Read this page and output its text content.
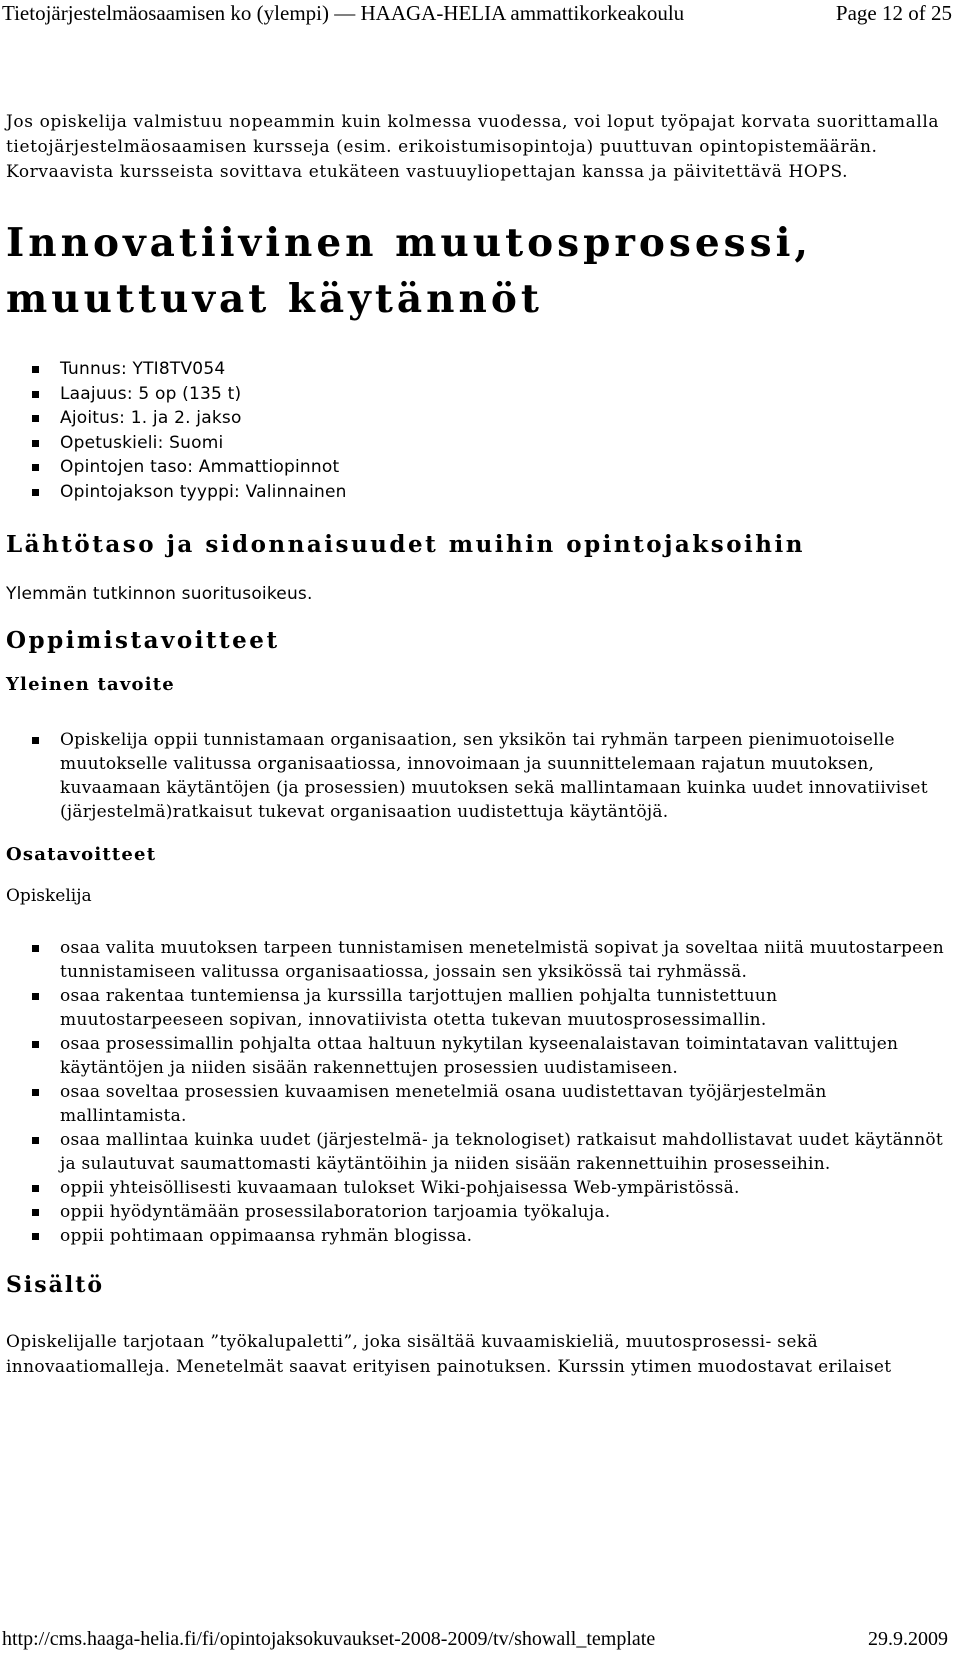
Tietojärjestelmäosaamisen ko (ylempi) — HAAGA-HELIA ammattikorkeakoulu	Page 12 of 25

Jos opiskelija valmistuu nopeammin kuin kolmessa vuodessa, voi loput työpajat korvata suorittamalla tietojärjestelmäosaamisen kursseja (esim. erikoistumisopintoja) puuttuvan opintopistemäärän. Korvaavista kursseista sovittava etukäteen vastuuyliopettajan kanssa ja päivitettävä HOPS.

Innovatiivinen muutosprosessi, muuttuvat käytännöt
Tunnus: YTI8TV054
Laajuus: 5 op (135 t)
Ajoitus: 1. ja 2. jakso
Opetuskieli: Suomi
Opintojen taso: Ammattiopinnot
Opintojakson tyyppi: Valinnainen
Lähtötaso ja sidonnaisuudet muihin opintojaksoihin

Ylemmän tutkinnon suoritusoikeus.

Oppimistavoitteet
Yleinen tavoite
Opiskelija oppii tunnistamaan organisaation, sen yksikön tai ryhmän tarpeen pienimuotoiselle muutokselle valitussa organisaatiossa, innovoimaan ja suunnittelemaan rajatun muutoksen, kuvaamaan käytäntöjen (ja prosessien) muutoksen sekä mallintamaan kuinka uudet innovatiiviset (järjestelmä)ratkaisut tukevat organisaation uudistettuja käytäntöjä.
Osatavoitteet

Opiskelija

osaa valita muutoksen tarpeen tunnistamisen menetelmistä sopivat ja soveltaa niitä muutostarpeen tunnistamiseen valitussa organisaatiossa, jossain sen yksikössä tai ryhmässä.
osaa rakentaa tuntemiensa ja kurssilla tarjottujen mallien pohjalta tunnistettuun muutostarpeeseen sopivan, innovatiivista otetta tukevan muutosprosessimallin.
osaa prosessimallin pohjalta ottaa haltuun nykytilan kyseenalaistavan toimintatavan valittujen käytäntöjen ja niiden sisään rakennettujen prosessien uudistamiseen.
osaa soveltaa prosessien kuvaamisen menetelmiä osana uudistettavan työjärjestelmän mallintamista.
osaa mallintaa kuinka uudet (järjestelmä- ja teknologiset) ratkaisut mahdollistavat uudet käytännöt ja sulautuvat saumattomasti käytäntöihin ja niiden sisään rakennettuihin prosesseihin.
oppii yhteisöllisesti kuvaamaan tulokset Wiki-pohjaisessa Web-ympäristössä.
oppii hyödyntämään prosessilaboratorion tarjoamia työkaluja.
oppii pohtimaan oppimaansa ryhmän blogissa.
Sisältö

Opiskelijalle tarjotaan ”työkalupaletti”, joka sisältää kuvaamiskieliä, muutosprosessi- sekä innovaatiomalleja. Menetelmät saavat erityisen painotuksen. Kurssin ytimen muodostavat erilaiset

http://cms.haaga-helia.fi/fi/opintojaksokuvaukset-2008-2009/tv/showall_template	29.9.2009
